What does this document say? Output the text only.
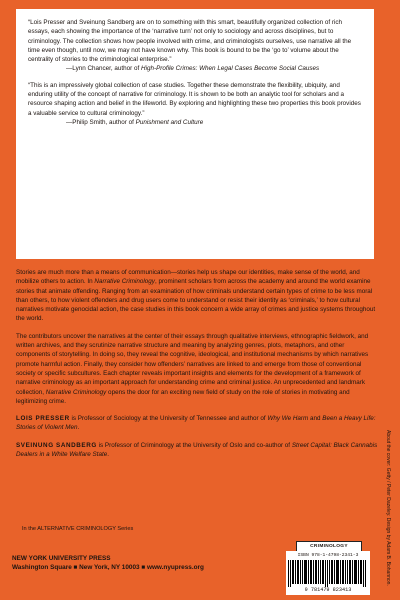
“Lois Presser and Sveinung Sandberg are on to something with this smart, beautifully organized collection of rich essays, each showing the importance of the ‘narrative turn’ not only to sociology and across disciplines, but to criminology. The collection shows how people involved with crime, and criminologists ourselves, use narrative all the time even though, until now, we may not have known why. This book is bound to be the ‘go to’ volume about the centrality of stories to the criminological enterprise.”

—Lynn Chancer, author of High-Profile Crimes: When Legal Cases Become Social Causes

“This is an impressively global collection of case studies. Together these demonstrate the flexibility, ubiquity, and enduring utility of the concept of narrative for criminology. It is shown to be both an analytic tool for scholars and a resource shaping action and belief in the lifeworld. By exploring and highlighting these two properties this book provides a valuable service to cultural criminology.”

—Philip Smith, author of Punishment and Culture

Stories are much more than a means of communication—stories help us shape our identities, make sense of the world, and mobilize others to action. In Narrative Criminology, prominent scholars from across the academy and around the world examine stories that animate offending. Ranging from an examination of how criminals understand certain types of crime to be less moral than others, to how violent offenders and drug users come to understand or resist their identity as ‘criminals,’ to how cultural narratives motivate genocidal action, the case studies in this book concern a wide array of crimes and justice systems throughout the world.

The contributors uncover the narratives at the center of their essays through qualitative interviews, ethnographic fieldwork, and written archives, and they scrutinize narrative structure and meaning by analyzing genres, plots, metaphors, and other components of storytelling. In doing so, they reveal the cognitive, ideological, and institutional mechanisms by which narratives promote harmful action. Finally, they consider how offenders’ narratives are linked to and emerge from those of conventional society or specific subcultures. Each chapter reveals important insights and elements for the development of a framework of narrative criminology as an important approach for understanding crime and criminal justice. An unprecedented and landmark collection, Narrative Criminology opens the door for an exciting new field of study on the role of stories in motivating and legitimizing crime.

LOIS PRESSER is Professor of Sociology at the University of Tennessee and author of Why We Harm and Been a Heavy Life: Stories of Violent Men.

SVEINUNG SANDBERG is Professor of Criminology at the University of Oslo and co-author of Street Capital: Black Cannabis Dealers in a White Welfare State.

In the ALTERNATIVE CRIMINOLOGY Series
NEW YORK UNIVERSITY PRESS
Washington Square ■ New York, NY 10003 ■ www.nyupress.org
CRIMINOLOGY
ISBN 978-1-4798-2341-3
9 781479 823413
About the cover: Getty / Peter Dazeley. Design by Adam B. Bohannon.
